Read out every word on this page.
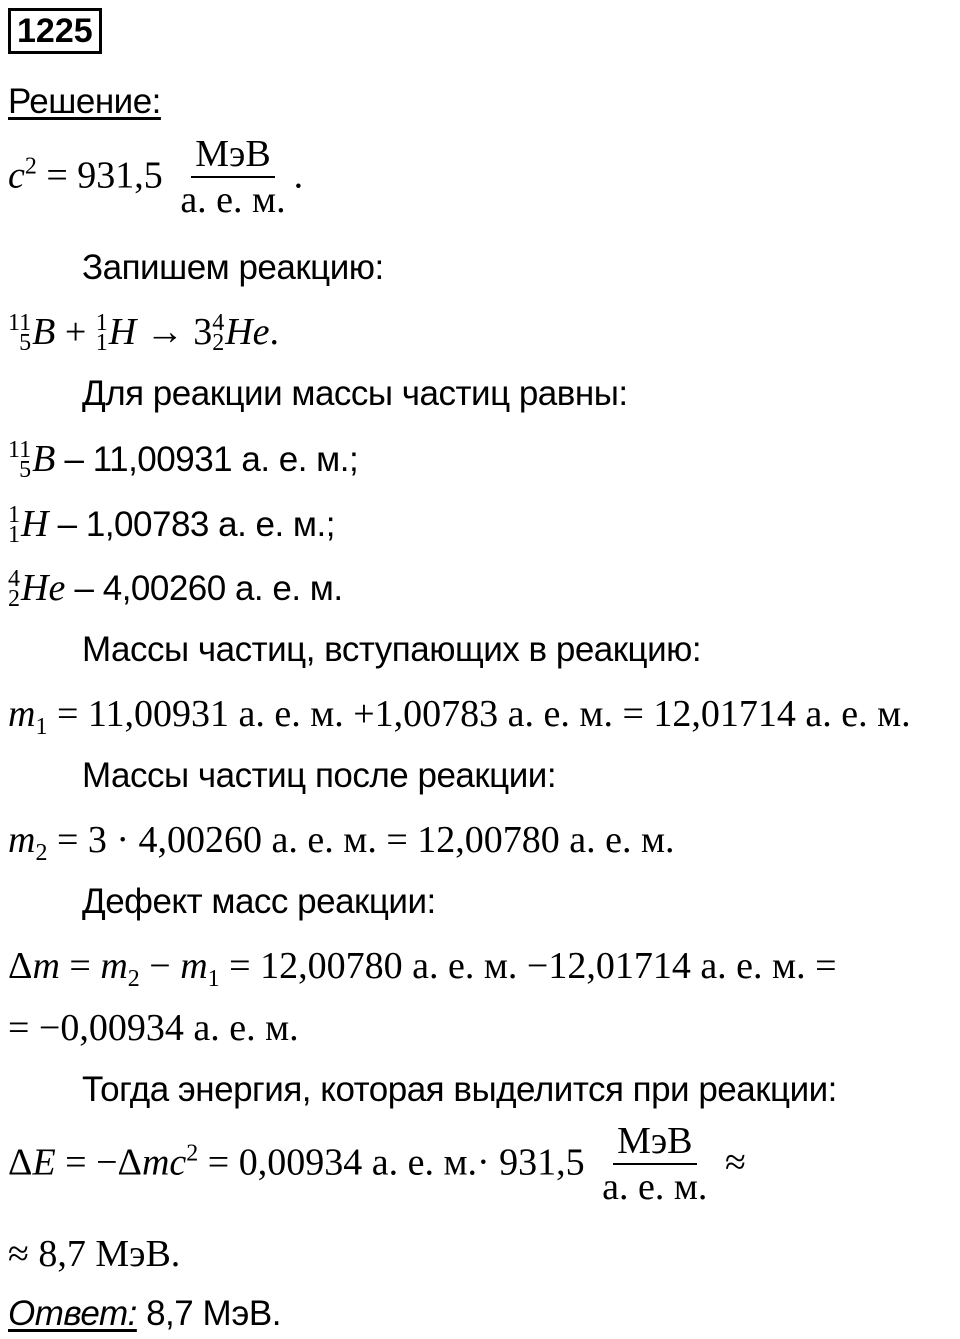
1225
Решение:
$c^2 = 931,5 \frac{\text{МэВ}}{а. е. м.}$ .
Запишем реакцию:
11
5 B + 1
1 H → 3 4
2 He.
Для реакции массы частиц равны:
11
5 B – 11,00931 а. е. м.;
1
1 H – 1,00783 а. е. м.;
4
2 He – 4,00260 а. е. м.
Массы частиц, вступающих в реакцию:
$m_1 = 11,00931$ а. е. м. +1,00783 а. е. м. = 12,01714 а. е. м.
Массы частиц после реакции:
$m_2 = 3 \cdot 4,00260$ а. е. м. = 12,00780 а. е. м.
Дефект масс реакции:
$\Delta m = m_2 - m_1 = 12,00780$ а. е. м. −12,01714 а. е. м. =
= −0,00934 а. е. м.
Тогда энергия, которая выделится при реакции:
ΔE = −Δmc$^2$ = 0,00934 а. е. $м.\cdot 931,5 \frac{\text{МэВ}}{а. е. м.}$ ≈
≈ 8,7 МэВ.
Ответ: 8,7 МэВ.
